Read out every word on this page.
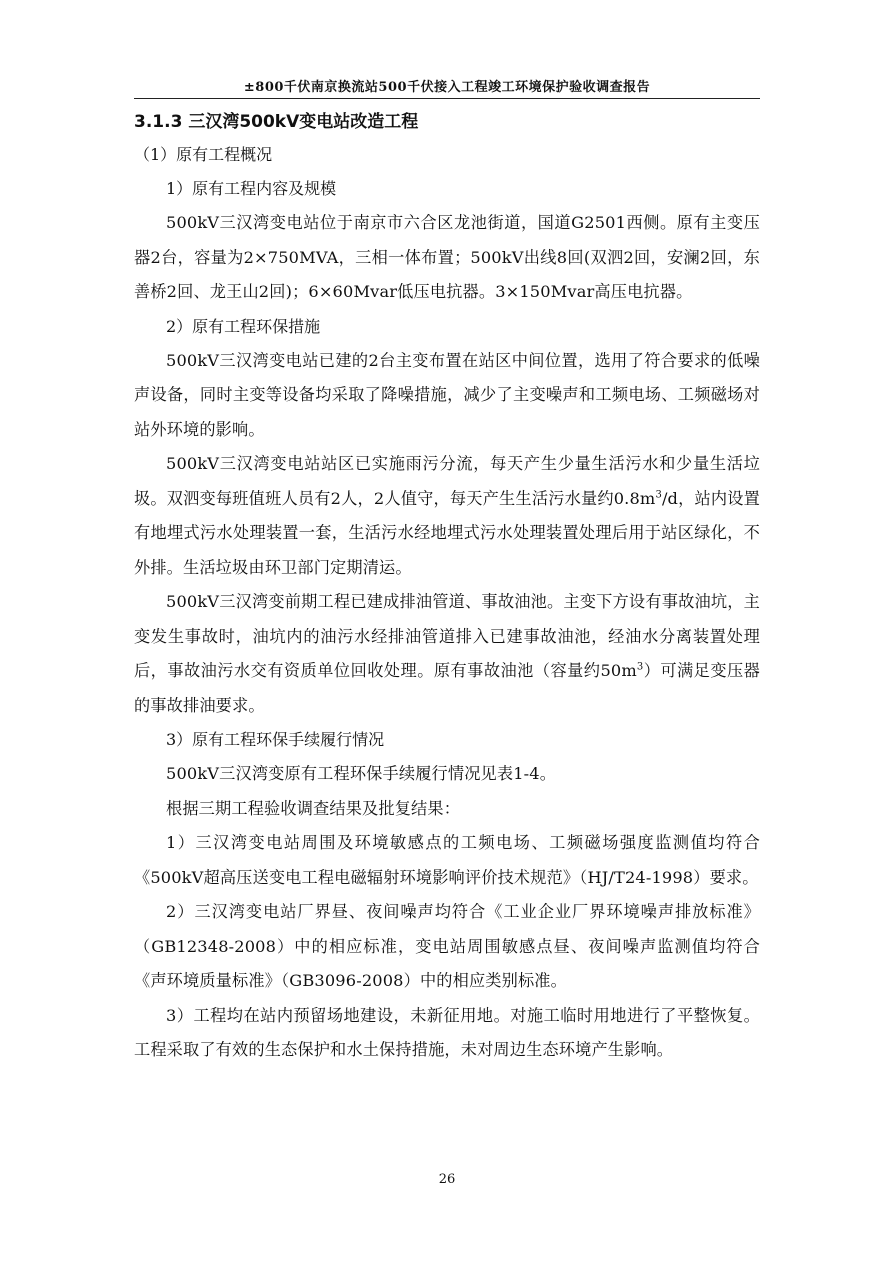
±800千伏南京换流站500千伏接入工程竣工环境保护验收调查报告
3.1.3 三汉湾500kV变电站改造工程
（1）原有工程概况
1）原有工程内容及规模

500kV三汉湾变电站位于南京市六合区龙池街道，国道G2501西侧。原有主变压器2台，容量为2×750MVA，三相一体布置；500kV出线8回(双泗2回，安澜2回，东善桥2回、龙王山2回)；6×60Mvar低压电抗器。3×150Mvar高压电抗器。

2）原有工程环保措施

500kV三汉湾变电站已建的2台主变布置在站区中间位置，选用了符合要求的低噪声设备，同时主变等设备均采取了降噪措施，减少了主变噪声和工频电场、工频磁场对站外环境的影响。

500kV三汉湾变电站站区已实施雨污分流，每天产生少量生活污水和少量生活垃圾。双泗变每班值班人员有2人，2人值守，每天产生生活污水量约$0.8m^3/d$，站内设置有地埋式污水处理装置一套，生活污水经地埋式污水处理装置处理后用于站区绿化，不外排。生活垃圾由环卫部门定期清运。

500kV三汉湾变前期工程已建成排油管道、事故油池。主变下方设有事故油坑，主变发生事故时，油坑内的油污水经排油管道排入已建事故油池，经油水分离装置处理后，事故油污水交有资质单位回收处理。原有事故油池（容量约$50m^3$）可满足变压器的事故排油要求。

3）原有工程环保手续履行情况

500kV三汉湾变原有工程环保手续履行情况见表1-4。

根据三期工程验收调查结果及批复结果：

1）三汉湾变电站周围及环境敏感点的工频电场、工频磁场强度监测值均符合《500kV超高压送变电工程电磁辐射环境影响评价技术规范》（HJ/T24-1998）要求。

2）三汉湾变电站厂界昼、夜间噪声均符合《工业企业厂界环境噪声排放标准》（GB12348-2008）中的相应标准，变电站周围敏感点昼、夜间噪声监测值均符合《声环境质量标准》（GB3096-2008）中的相应类别标准。

3）工程均在站内预留场地建设，未新征用地。对施工临时用地进行了平整恢复。工程采取了有效的生态保护和水土保持措施，未对周边生态环境产生影响。

26
